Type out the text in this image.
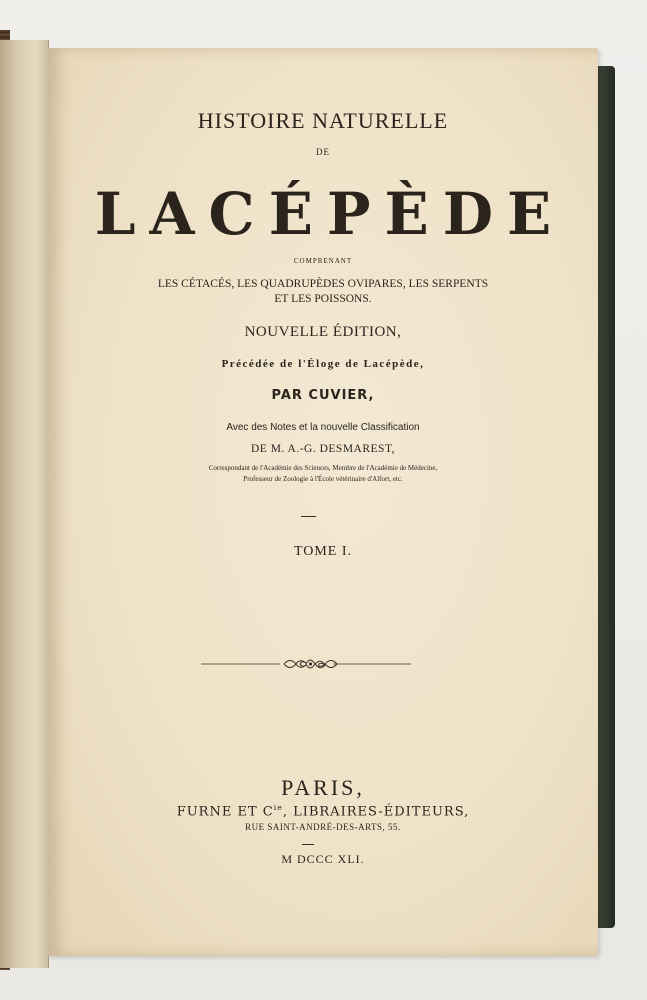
HISTOIRE NATURELLE
DE
LACÉPÈDE
COMPRENANT
LES CÉTACÉS, LES QUADRUPÈDES OVIPARES, LES SERPENTS
ET LES POISSONS.
NOUVELLE ÉDITION,
Précédée de l'Éloge de Lacépède,
PAR CUVIER,
Avec des Notes et la nouvelle Classification
DE M. A.-G. DESMAREST,
Correspondant de l'Académie des Sciences, Membre de l'Académie de Médecine,
Professeur de Zoologie à l'École vétérinaire d'Alfort, etc.
TOME I.
PARIS,
FURNE ET $C^{ie}$, LIBRAIRES-ÉDITEURS,
RUE SAINT-ANDRÉ-DES-ARTS, 55.
M DCCC XLI.
